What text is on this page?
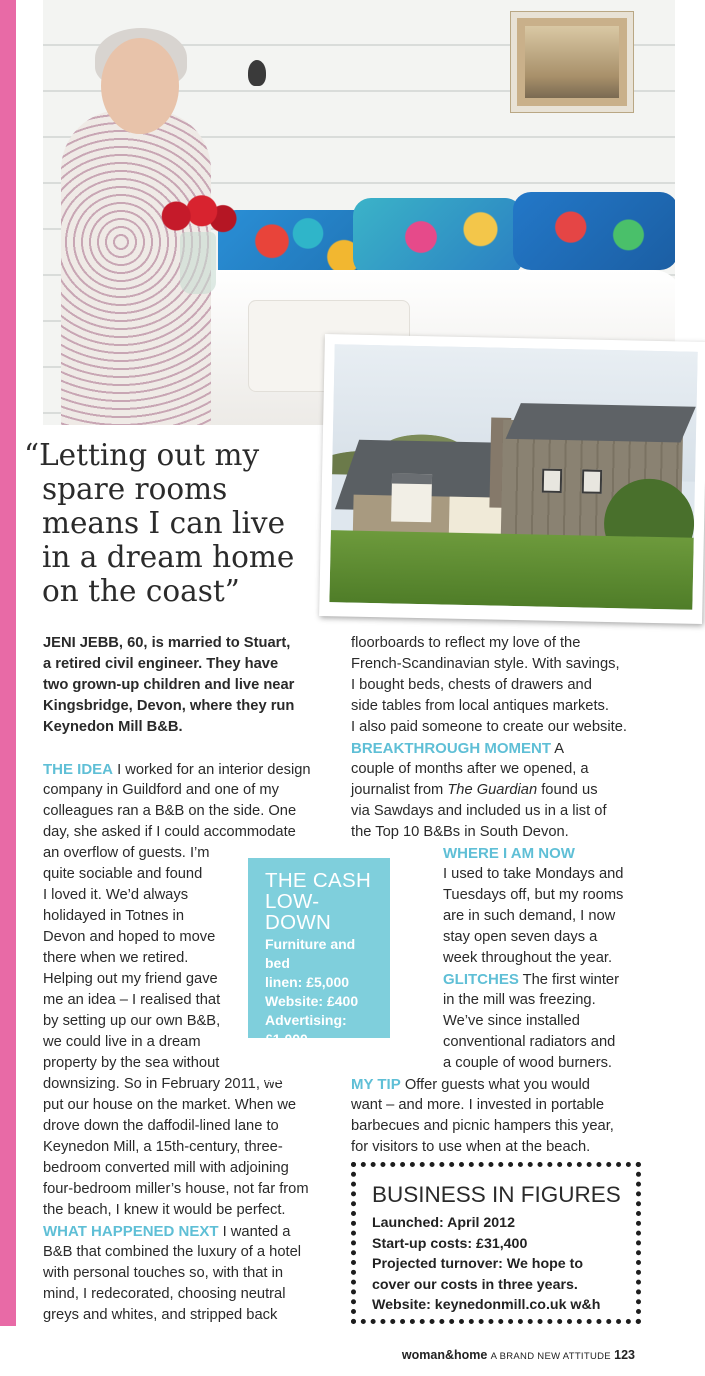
“Letting out my
spare rooms
means I can live
in a dream home
on the coast”

JENI JEBB, 60, is married to Stuart,
a retired civil engineer. They have
two grown-up children and live near
Kingsbridge, Devon, where they run
Keynedon Mill B&B.
THE IDEA I worked for an interior design
company in Guildford and one of my
colleagues ran a B&B on the side. One
day, she asked if I could accommodate
an overflow of guests. I’m
quite sociable and found
I loved it. We’d always
holidayed in Totnes in
Devon and hoped to move
there when we retired.
Helping out my friend gave
me an idea – I realised that
by setting up our own B&B,
we could live in a dream
property by the sea without
downsizing. So in February 2011, we
put our house on the market. When we
drove down the daffodil-lined lane to
Keynedon Mill, a 15th-century, three-
bedroom converted mill with adjoining
four-bedroom miller’s house, not far from
the beach, I knew it would be perfect.
WHAT HAPPENED NEXT I wanted a
B&B that combined the luxury of a hotel
with personal touches so, with that in
mind, I redecorated, choosing neutral
greys and whites, and stripped back
floorboards to reflect my love of the
French-Scandinavian style. With savings,
I bought beds, chests of drawers and
side tables from local antiques markets.
I also paid someone to create our website.
BREAKTHROUGH MOMENT A
couple of months after we opened, a
journalist from The Guardian found us
via Sawdays and included us in a list of
the Top 10 B&Bs in South Devon.
WHERE I AM NOW
I used to take Mondays and
Tuesdays off, but my rooms
are in such demand, I now
stay open seven days a
week throughout the year.
GLITCHES The first winter
in the mill was freezing.
We’ve since installed
conventional radiators and
a couple of wood burners.
MY TIP Offer guests what you would
want – and more. I invested in portable
barbecues and picnic hampers this year,
for visitors to use when at the beach.
THE CASH
LOW-DOWN
Furniture and bed
linen: £5,000
Website: £400
Advertising: £1,000
Refurbishments:
£25,000
BUSINESS IN FIGURES
Launched: April 2012
Start-up costs: £31,400
Projected turnover: We hope to
cover our costs in three years.
Website: keynedonmill.co.uk w&h
woman&home A BRAND NEW ATTITUDE 123
